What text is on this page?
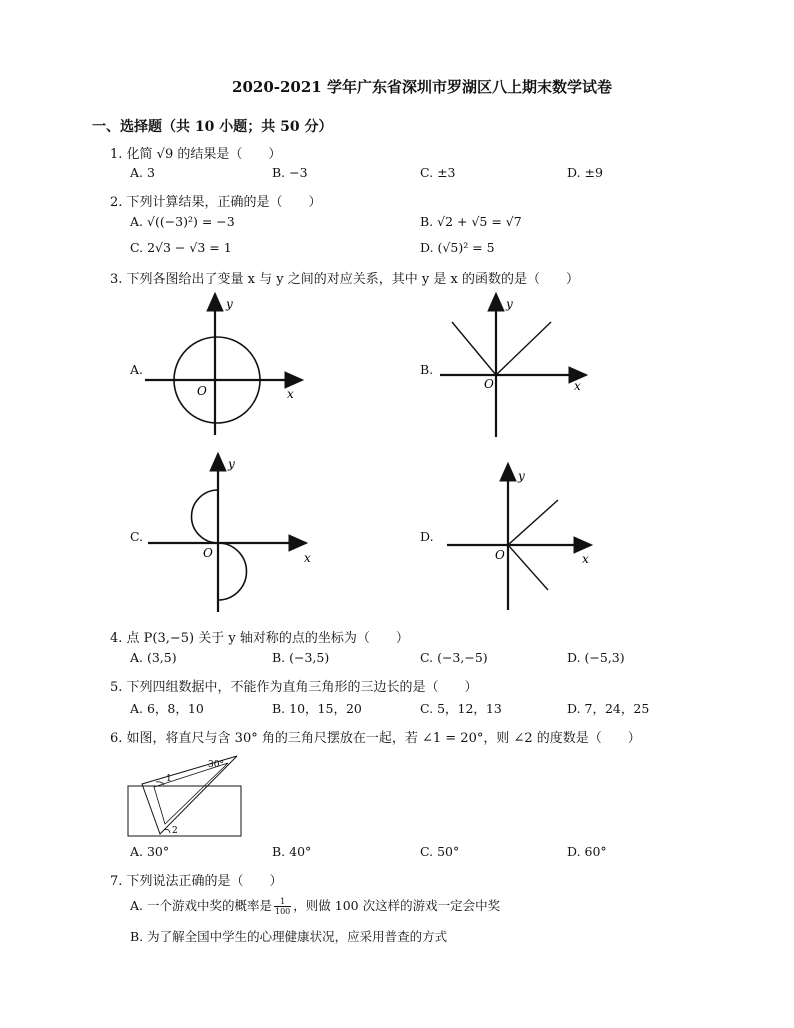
2020-2021 学年广东省深圳市罗湖区八上期末数学试卷
一、选择题（共 10 小题；共 50 分）
1. 化简 √9 的结果是（　　）
A. 3	B. −3	C. ±3	D. ±9
2. 下列计算结果，正确的是（　　）
A. √((−3)²) = −3	B. √2 + √5 = √7
C. 2√3 − √3 = 1	D. (√5)² = 5
3. 下列各图给出了变量 x 与 y 之间的对应关系，其中 y 是 x 的函数的是（　　）
A.
O	x
y
B.
O	x
y
C.
O	x
y
D.
O	x
y
4. 点 P(3,−5) 关于 y 轴对称的点的坐标为（　　）
A. (3,5)	B. (−3,5)	C. (−3,−5)	D. (−5,3)
5. 下列四组数据中，不能作为直角三角形的三边长的是（　　）
A. 6，8，10	B. 10，15，20	C. 5，12，13	D. 7，24，25
6. 如图，将直尺与含 30° 角的三角尺摆放在一起，若 ∠1 = 20°，则 ∠2 的度数是（　　）
30°
1
2
A. 30°	B. 40°	C. 50°	D. 60°
7. 下列说法正确的是（　　）
A. 一个游戏中奖的概率是 $\frac{1}{100}$ ，则做 100 次这样的游戏一定会中奖
B. 为了解全国中学生的心理健康状况，应采用普查的方式
